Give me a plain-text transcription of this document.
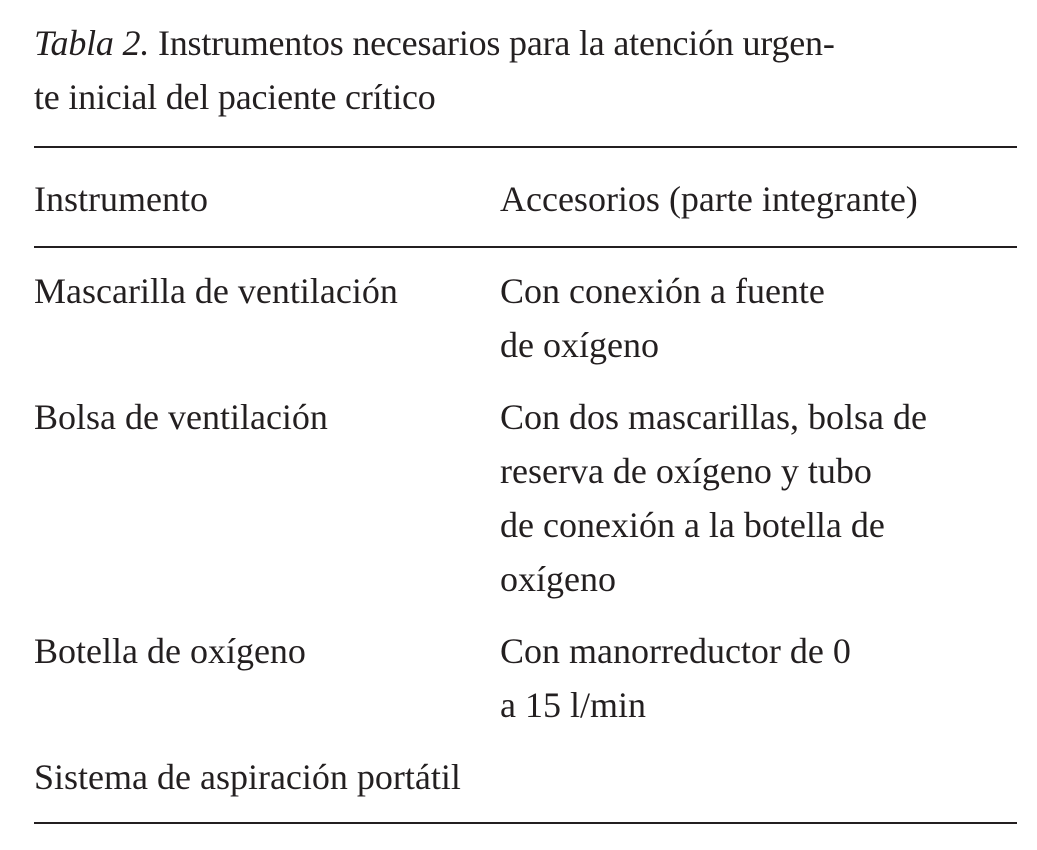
Tabla 2. Instrumentos necesarios para la atención urgen-
te inicial del paciente crítico

Instrumento	Accesorios (parte integrante)
Mascarilla de ventilación	Con conexión a fuente
de oxígeno
Bolsa de ventilación	Con dos mascarillas, bolsa de
reserva de oxígeno y tubo
de conexión a la botella de
oxígeno
Botella de oxígeno	Con manorreductor de 0
a 15 l/min
Sistema de aspiración portátil
